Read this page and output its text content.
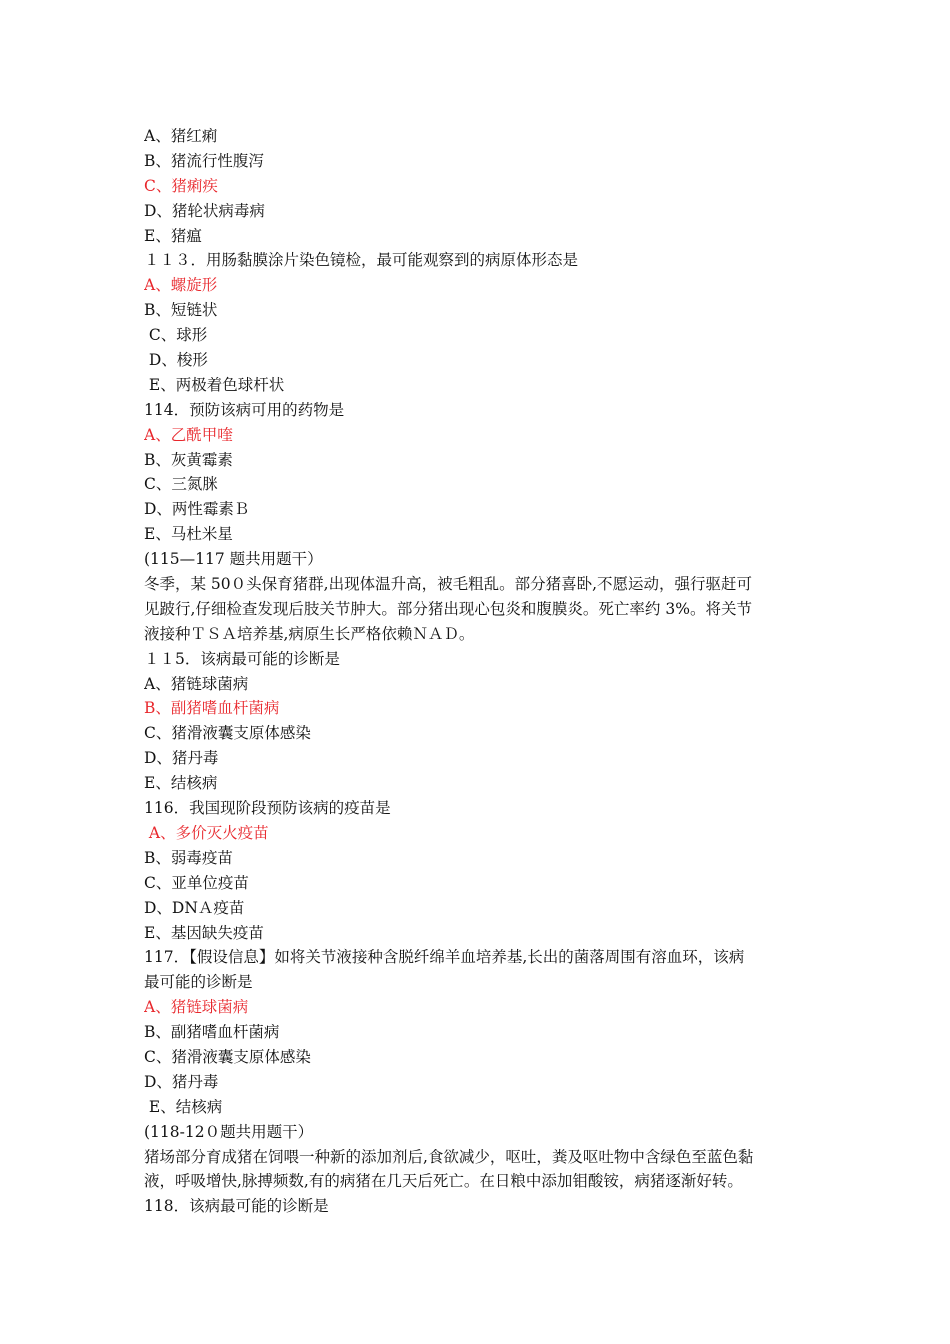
A、猪红痢
B、猪流行性腹泻
C、猪痢疾
D、猪轮状病毒病
E、猪瘟
１１３．用肠黏膜涂片染色镜检，最可能观察到的病原体形态是
A、螺旋形
B、短链状
C、球形
D、梭形
E、两极着色球杆状
114．预防该病可用的药物是
A、乙酰甲喹
B、灰黄霉素
C、三氮脒
D、两性霉素Ｂ
E、马杜米星
(115—117 题共用题干）
冬季，某 50０头保育猪群,出现体温升高，被毛粗乱。部分猪喜卧,不愿运动，强行驱赶可
见跛行,仔细检查发现后肢关节肿大。部分猪出现心包炎和腹膜炎。死亡率约 3%。将关节
液接种ＴＳＡ培养基,病原生长严格依赖ＮＡＤ。
１１5．该病最可能的诊断是
A、猪链球菌病
B、副猪嗜血杆菌病
C、猪滑液囊支原体感染
D、猪丹毒
E、结核病
116．我国现阶段预防该病的疫苗是
A、多价灭火疫苗
B、弱毒疫苗
C、亚单位疫苗
D、DNＡ疫苗
E、基因缺失疫苗
117．【假设信息】如将关节液接种含脱纤绵羊血培养基,长出的菌落周围有溶血环，该病
最可能的诊断是
A、猪链球菌病
B、副猪嗜血杆菌病
C、猪滑液囊支原体感染
D、猪丹毒
E、结核病
(118-12０题共用题干）
猪场部分育成猪在饲喂一种新的添加剂后,食欲减少，呕吐，粪及呕吐物中含绿色至蓝色黏
液，呼吸增快,脉搏频数,有的病猪在几天后死亡。在日粮中添加钼酸铵，病猪逐渐好转。
118．该病最可能的诊断是
